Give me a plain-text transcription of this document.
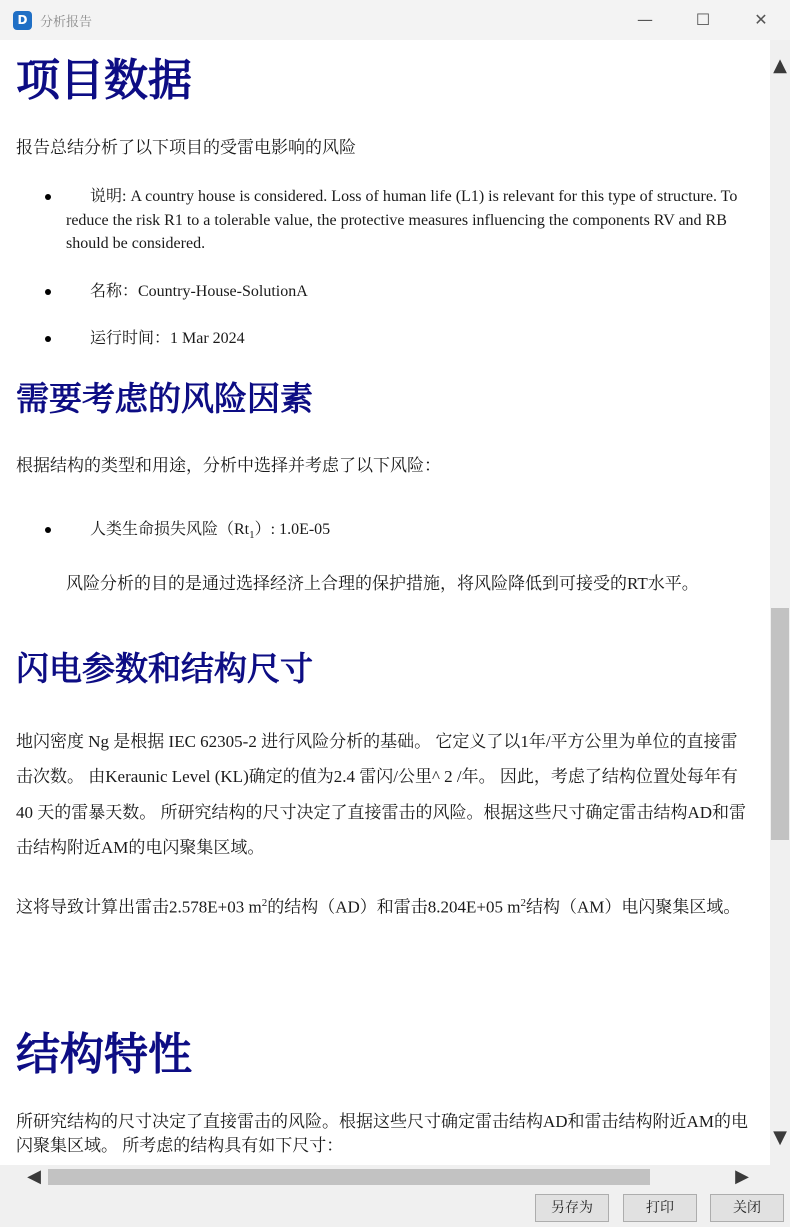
D 分析报告	—	☐	✕
项目数据
报告总结分析了以下项目的受雷电影响的风险
说明: A country house is considered. Loss of human life (L1) is relevant for this type of structure. To reduce the risk R1 to a tolerable value, the protective measures influencing the components RV and RB should be considered.
名称：Country-House-SolutionA
运行时间：1 Mar 2024
需要考虑的风险因素
根据结构的类型和用途，分析中选择并考虑了以下风险：
人类生命损失风险$(Rt_1)$: 1.0E-05
风险分析的目的是通过选择经济上合理的保护措施，将风险降低到可接受的RT水平。
闪电参数和结构尺寸
地闪密度 Ng 是根据 IEC 62305-2 进行风险分析的基础。 它定义了以1年/平方公里为单位的直接雷击次数。 由Keraunic Level (KL)确定的值为2.4 雷闪/公里^ 2 /年。 因此，考虑了结构位置处每年有 40 天的雷暴天数。 所研究结构的尺寸决定了直接雷击的风险。根据这些尺寸确定雷击结构AD和雷击结构附近AM的电闪聚集区域。
这将导致计算出雷击2.578E+03 $m^2$的结构（AD）和雷击8.204E+05 $m^2$结构（AM）电闪聚集区域。
结构特性
所研究结构的尺寸决定了直接雷击的风险。根据这些尺寸确定雷击结构AD和雷击结构附近AM的电闪聚集区域。 所考虑的结构具有如下尺寸：
▲
▼
◀	▶
另存为	打印	关闭
